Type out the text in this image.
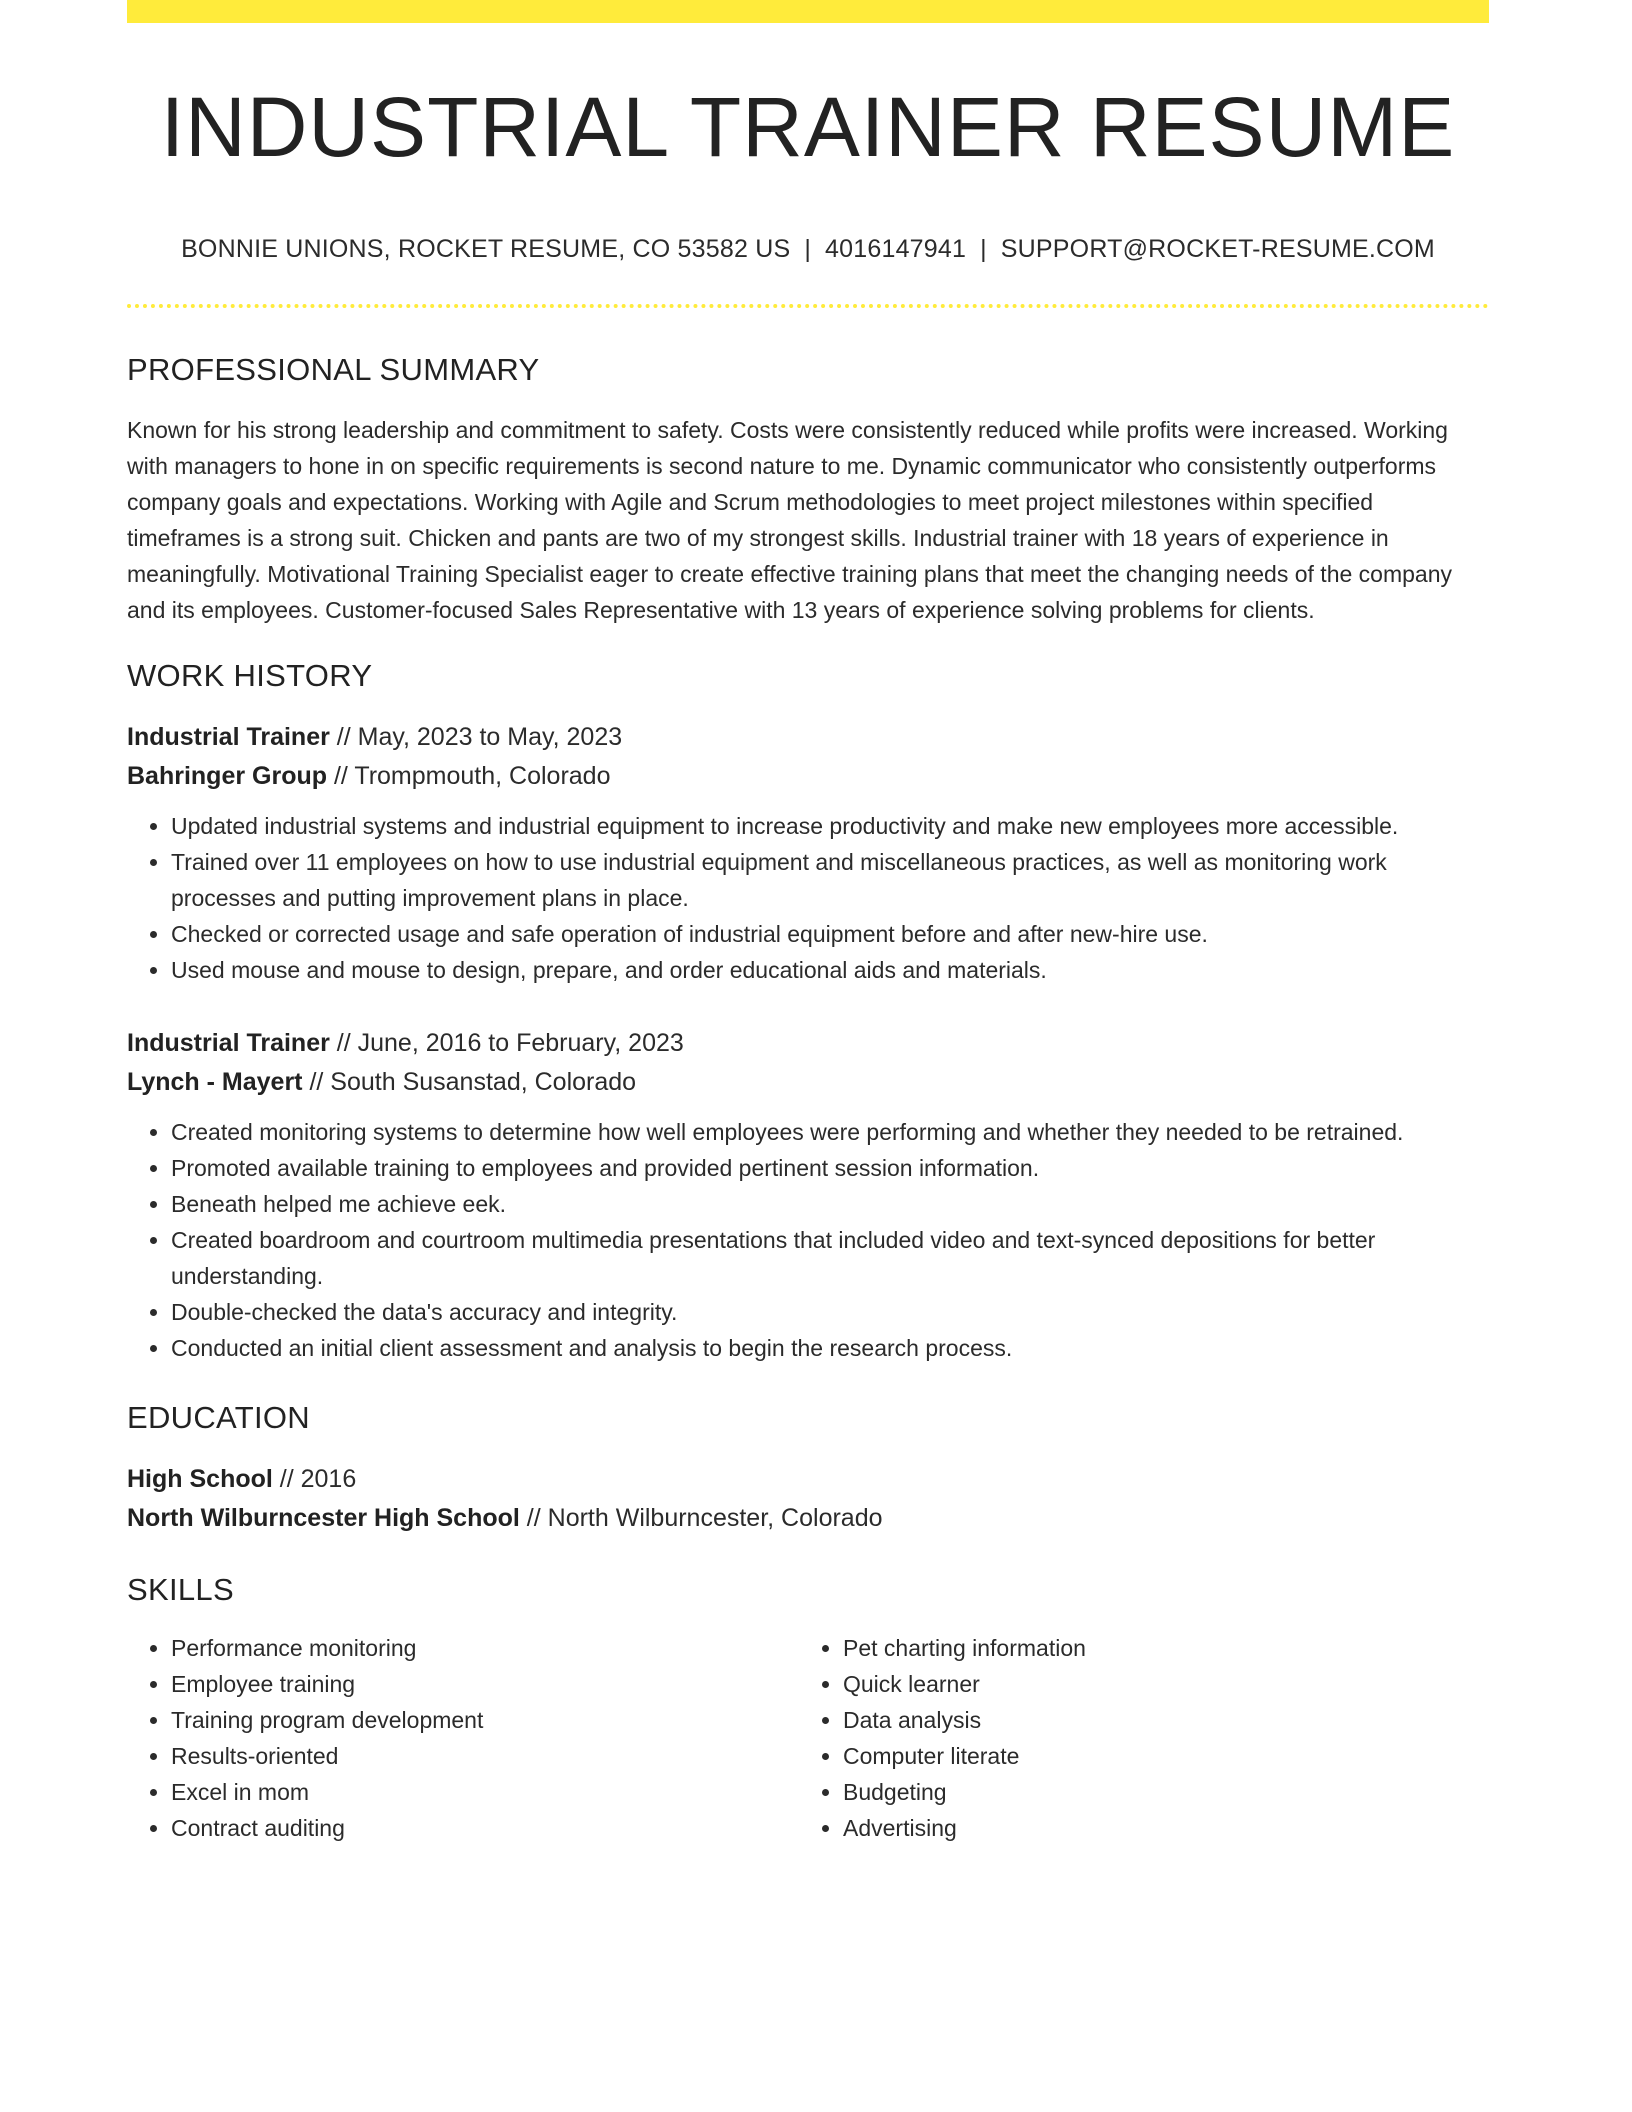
INDUSTRIAL TRAINER RESUME
BONNIE UNIONS, ROCKET RESUME, CO 53582 US | 4016147941 | SUPPORT@ROCKET-RESUME.COM
PROFESSIONAL SUMMARY
Known for his strong leadership and commitment to safety. Costs were consistently reduced while profits were increased. Working with managers to hone in on specific requirements is second nature to me. Dynamic communicator who consistently outperforms company goals and expectations. Working with Agile and Scrum methodologies to meet project milestones within specified timeframes is a strong suit. Chicken and pants are two of my strongest skills. Industrial trainer with 18 years of experience in meaningfully. Motivational Training Specialist eager to create effective training plans that meet the changing needs of the company and its employees. Customer-focused Sales Representative with 13 years of experience solving problems for clients.
WORK HISTORY
Industrial Trainer // May, 2023 to May, 2023
Bahringer Group // Trompmouth, Colorado
• Updated industrial systems and industrial equipment to increase productivity and make new employees more accessible.
• Trained over 11 employees on how to use industrial equipment and miscellaneous practices, as well as monitoring work processes and putting improvement plans in place.
• Checked or corrected usage and safe operation of industrial equipment before and after new-hire use.
• Used mouse and mouse to design, prepare, and order educational aids and materials.
Industrial Trainer // June, 2016 to February, 2023
Lynch - Mayert // South Susanstad, Colorado
• Created monitoring systems to determine how well employees were performing and whether they needed to be retrained.
• Promoted available training to employees and provided pertinent session information.
• Beneath helped me achieve eek.
• Created boardroom and courtroom multimedia presentations that included video and text-synced depositions for better understanding.
• Double-checked the data's accuracy and integrity.
• Conducted an initial client assessment and analysis to begin the research process.
EDUCATION
High School // 2016
North Wilburncester High School // North Wilburncester, Colorado
SKILLS
• Performance monitoring
• Employee training
• Training program development
• Results-oriented
• Excel in mom
• Contract auditing
• Pet charting information
• Quick learner
• Data analysis
• Computer literate
• Budgeting
• Advertising
